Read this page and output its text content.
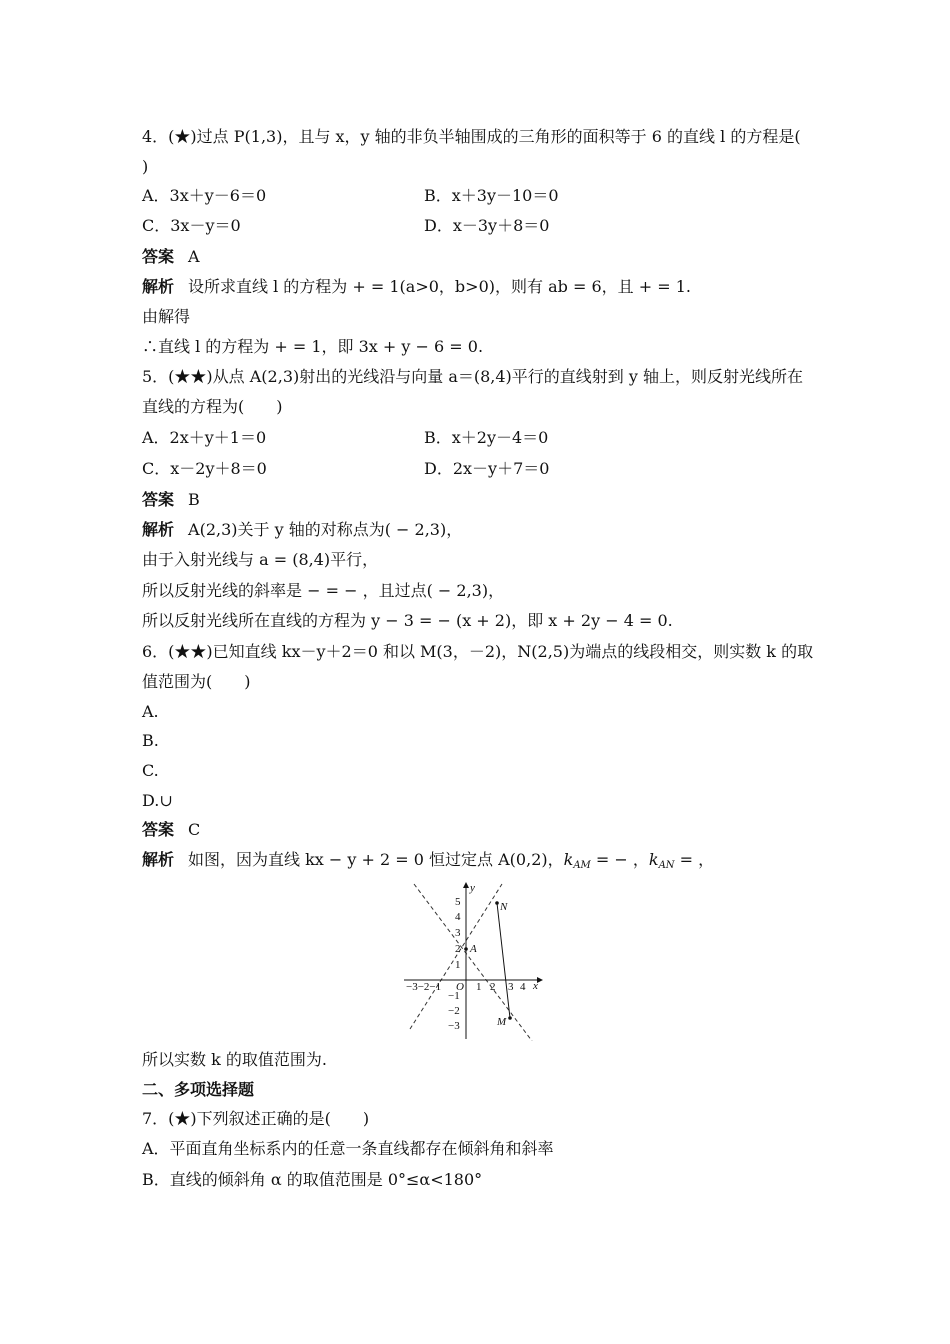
4．(★)过点 P(1,3)，且与 x，y 轴的非负半轴围成的三角形的面积等于 6 的直线 l 的方程是(
)
A．3x＋y－6＝0	B．x＋3y－10＝0
C．3x－y＝0	D．x－3y＋8＝0
答案 A
解析 设所求直线 l 的方程为 + = 1(a>0，b>0)，则有 ab = 6，且 + = 1.
由解得
∴直线 l 的方程为 + = 1，即 3x + y − 6 = 0.
5．(★★)从点 A(2,3)射出的光线沿与向量 a＝(8,4)平行的直线射到 y 轴上，则反射光线所在
直线的方程为(　　)
A．2x＋y＋1＝0	B．x＋2y－4＝0
C．x－2y＋8＝0	D．2x－y＋7＝0
答案 B
解析 A(2,3)关于 y 轴的对称点为( − 2,3)，
由于入射光线与 a = (8,4)平行，
所以反射光线的斜率是 − = − ，且过点( − 2,3)，
所以反射光线所在直线的方程为 y − 3 = − (x + 2)，即 x + 2y − 4 = 0.
6．(★★)已知直线 kx－y＋2＝0 和以 M(3，－2)，N(2,5)为端点的线段相交，则实数 k 的取
值范围为(　　)
A.
B.
C.
D.∪
答案 C
解析 如图，因为直线 kx − y + 2 = 0 恒过定点 A(0,2)，$k_{AM}$ = − ，$k_{AN}$ = ，
所以实数 k 的取值范围为.
二、多项选择题
7．(★)下列叙述正确的是(　　)
A．平面直角坐标系内的任意一条直线都存在倾斜角和斜率
B．直线的倾斜角 α 的取值范围是 0°≤α<180°
y
x
O
A
N
M
−3−2−1	1 2 3 4
5
4
3
2
1
−1
−2
−3
